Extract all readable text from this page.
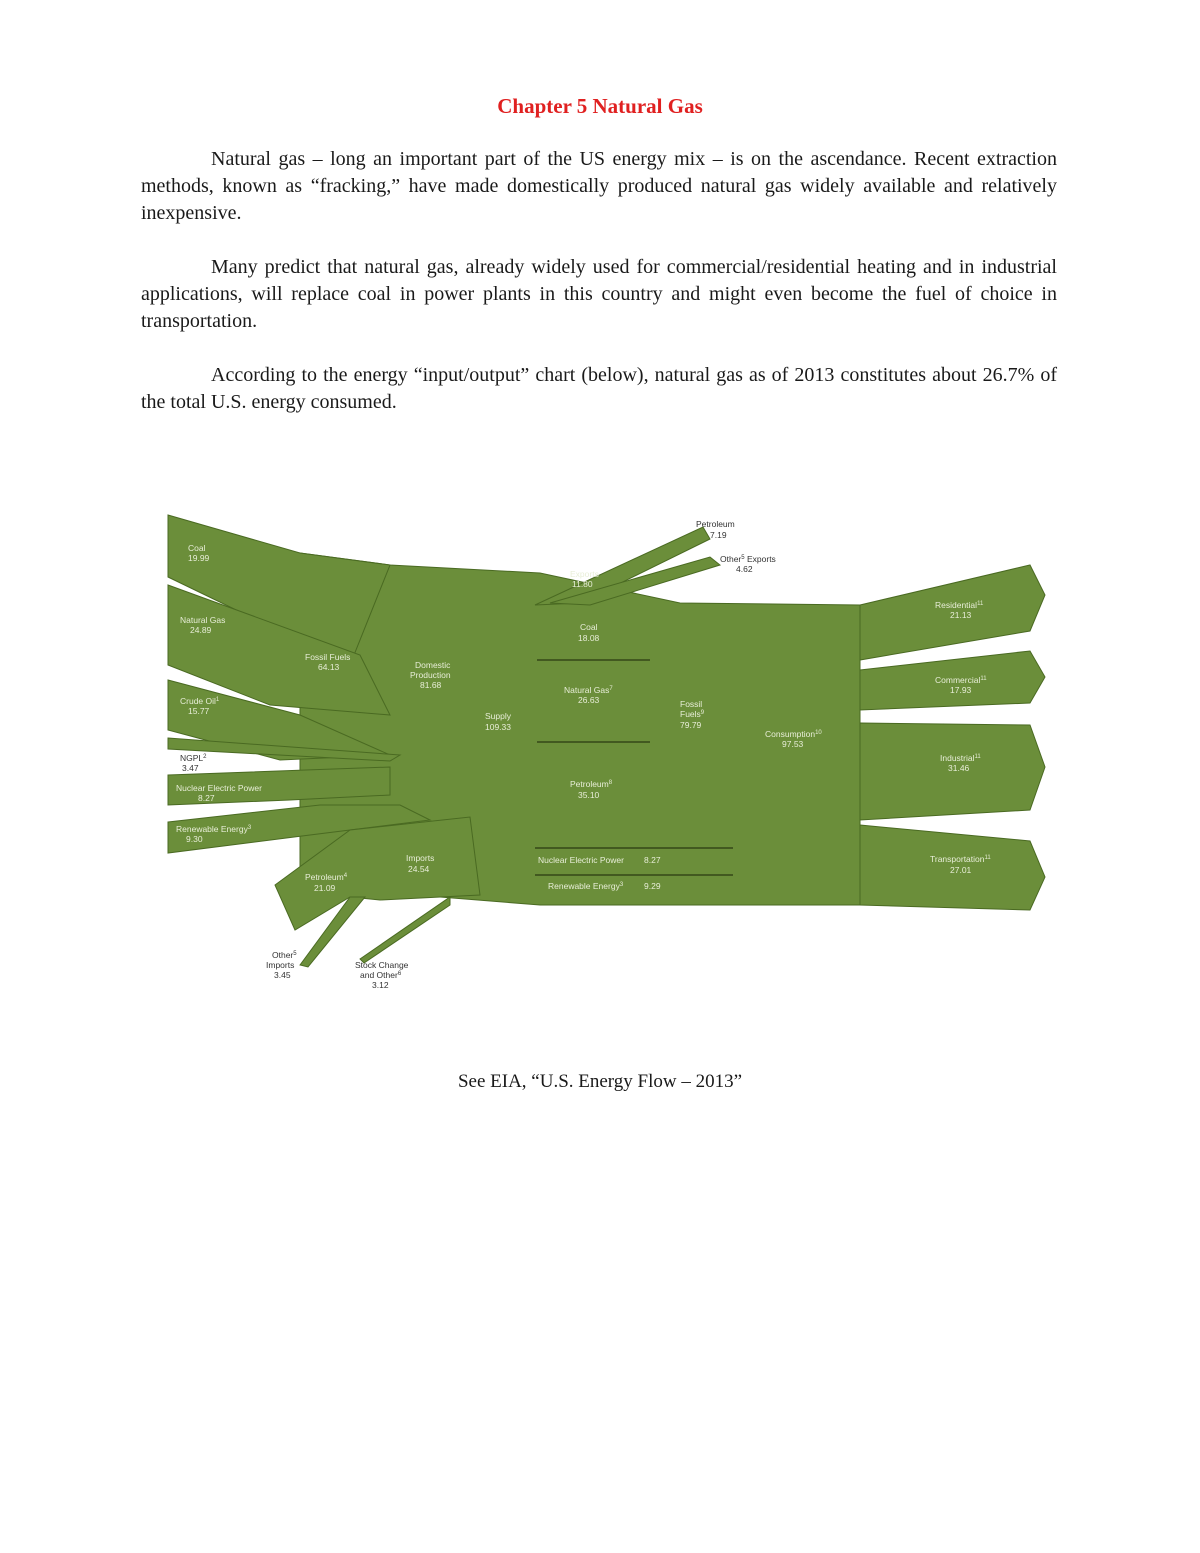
Chapter 5 Natural Gas
Natural gas – long an important part of the US energy mix – is on the ascendance. Recent extraction methods, known as “fracking,” have made domestically produced natural gas widely available and relatively inexpensive.
Many predict that natural gas, already widely used for commercial/residential heating and in industrial applications, will replace coal in power plants in this country and might even become the fuel of choice in transportation.
According to the energy “input/output” chart (below), natural gas as of 2013 constitutes about 26.7% of the total U.S. energy consumed.
Coal
19.99
Natural Gas
24.89
Crude Oil$^1$
15.77
NGPL$^2$
3.47
Nuclear Electric Power
8.27
Renewable Energy$^3$
9.30
Fossil Fuels
64.13	Domestic
Production
81.68
Supply
109.33
Imports
24.54
Petroleum$^4$
21.09
Other$^5$
Imports
3.45
Stock Change
and Other$^6$
3.12
Exports
11.80
Petroleum
7.19
Other$^5$ Exports
4.62
Coal
18.08
Natural Gas$^7$
26.63
Petroleum$^8$
35.10
Nuclear Electric Power 8.27
Renewable Energy$^3$ 9.29
Fossil
Fuels$^9$
79.79
Consumption$^{10}$
97.53
Residential$^{11}$
21.13
Commercial$^{11}$
17.93
Industrial$^{11}$
31.46
Transportation$^{11}$
27.01
See EIA, “U.S. Energy Flow – 2013”
